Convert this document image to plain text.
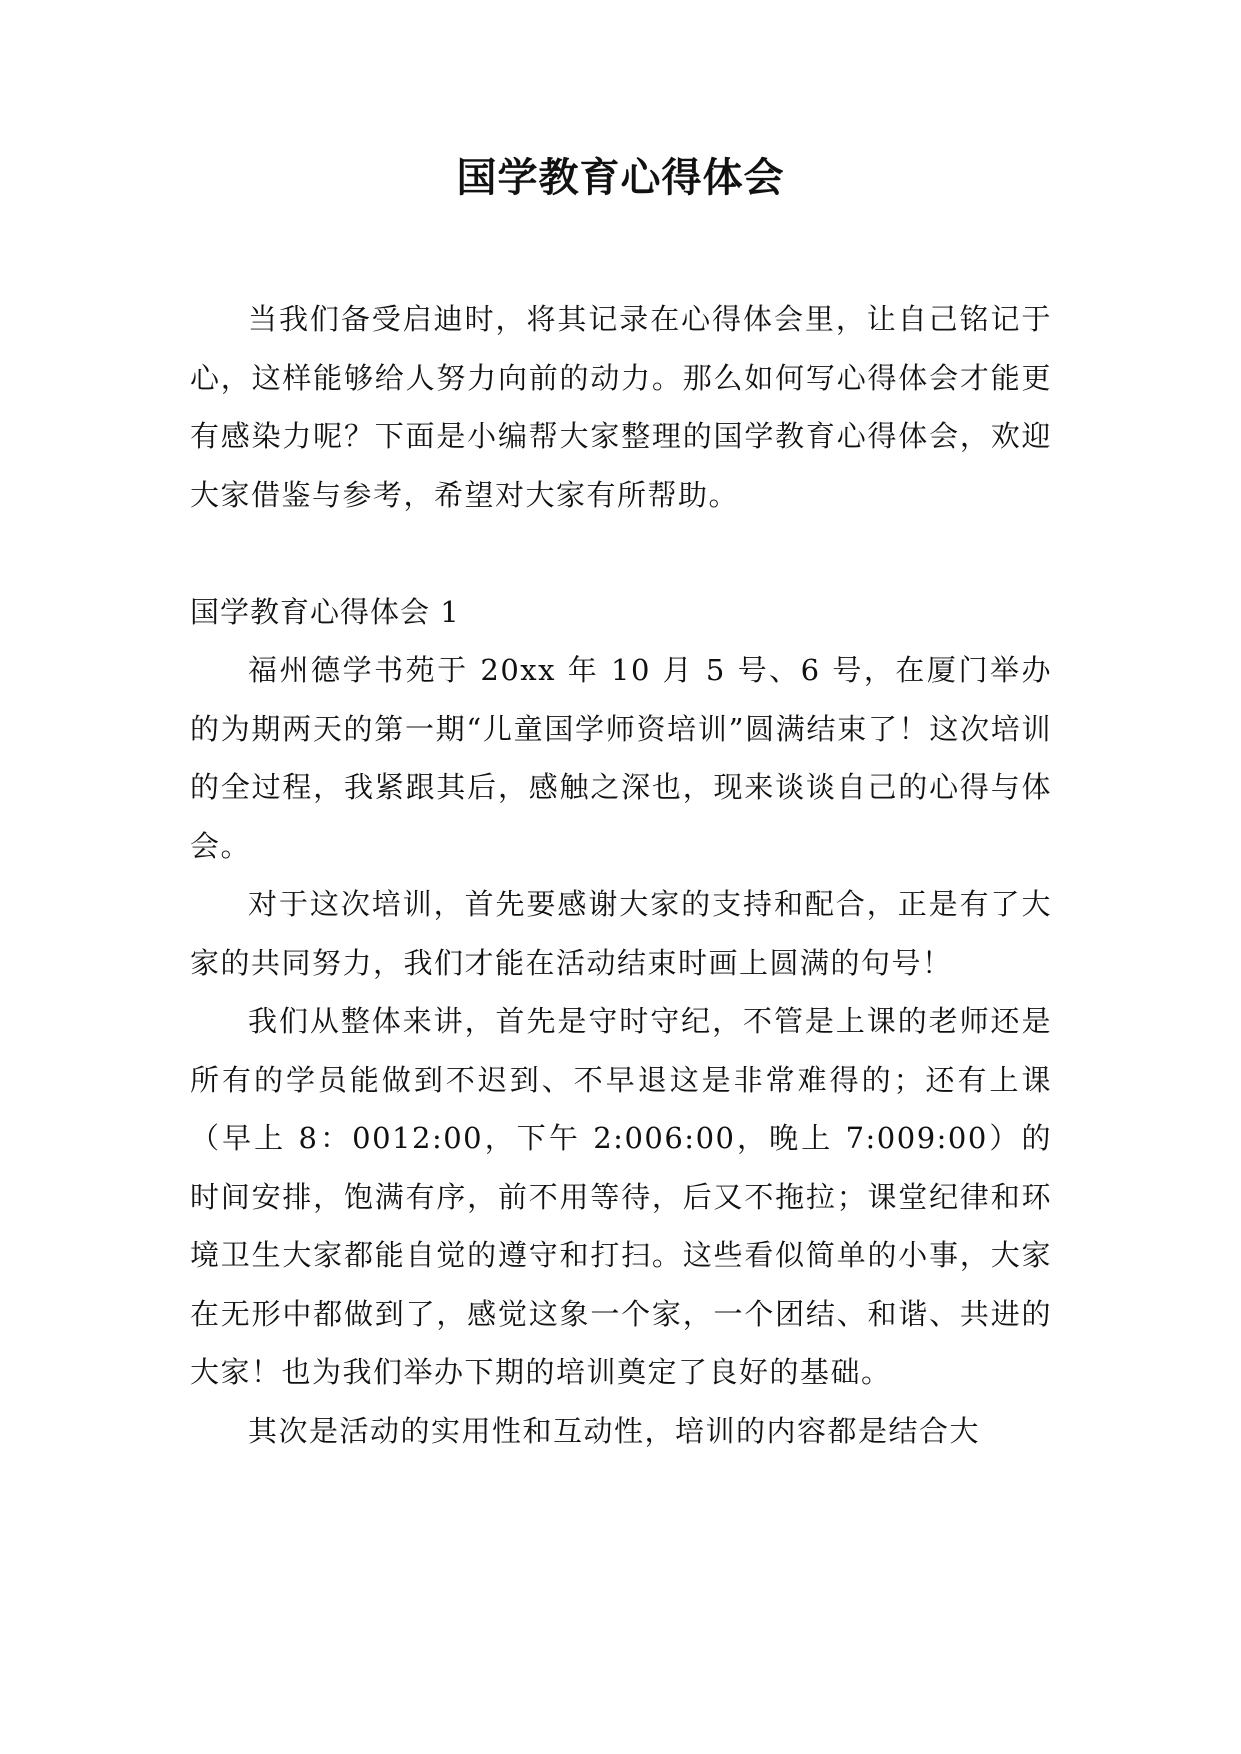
国学教育心得体会

当我们备受启迪时，将其记录在心得体会里，让自己铭记于心，这样能够给人努力向前的动力。那么如何写心得体会才能更有感染力呢？下面是小编帮大家整理的国学教育心得体会，欢迎大家借鉴与参考，希望对大家有所帮助。

国学教育心得体会 1

福州德学书苑于 20xx 年 10 月 5 号、6 号，在厦门举办的为期两天的第一期“儿童国学师资培训”圆满结束了！这次培训的全过程，我紧跟其后，感触之深也，现来谈谈自己的心得与体会。

对于这次培训，首先要感谢大家的支持和配合，正是有了大家的共同努力，我们才能在活动结束时画上圆满的句号！

我们从整体来讲，首先是守时守纪，不管是上课的老师还是所有的学员能做到不迟到、不早退这是非常难得的；还有上课（早上 8：0012:00，下午 2:006:00，晚上 7:009:00）的时间安排，饱满有序，前不用等待，后又不拖拉；课堂纪律和环境卫生大家都能自觉的遵守和打扫。这些看似简单的小事，大家在无形中都做到了，感觉这象一个家，一个团结、和谐、共进的大家！也为我们举办下期的培训奠定了良好的基础。

其次是活动的实用性和互动性，培训的内容都是结合大
